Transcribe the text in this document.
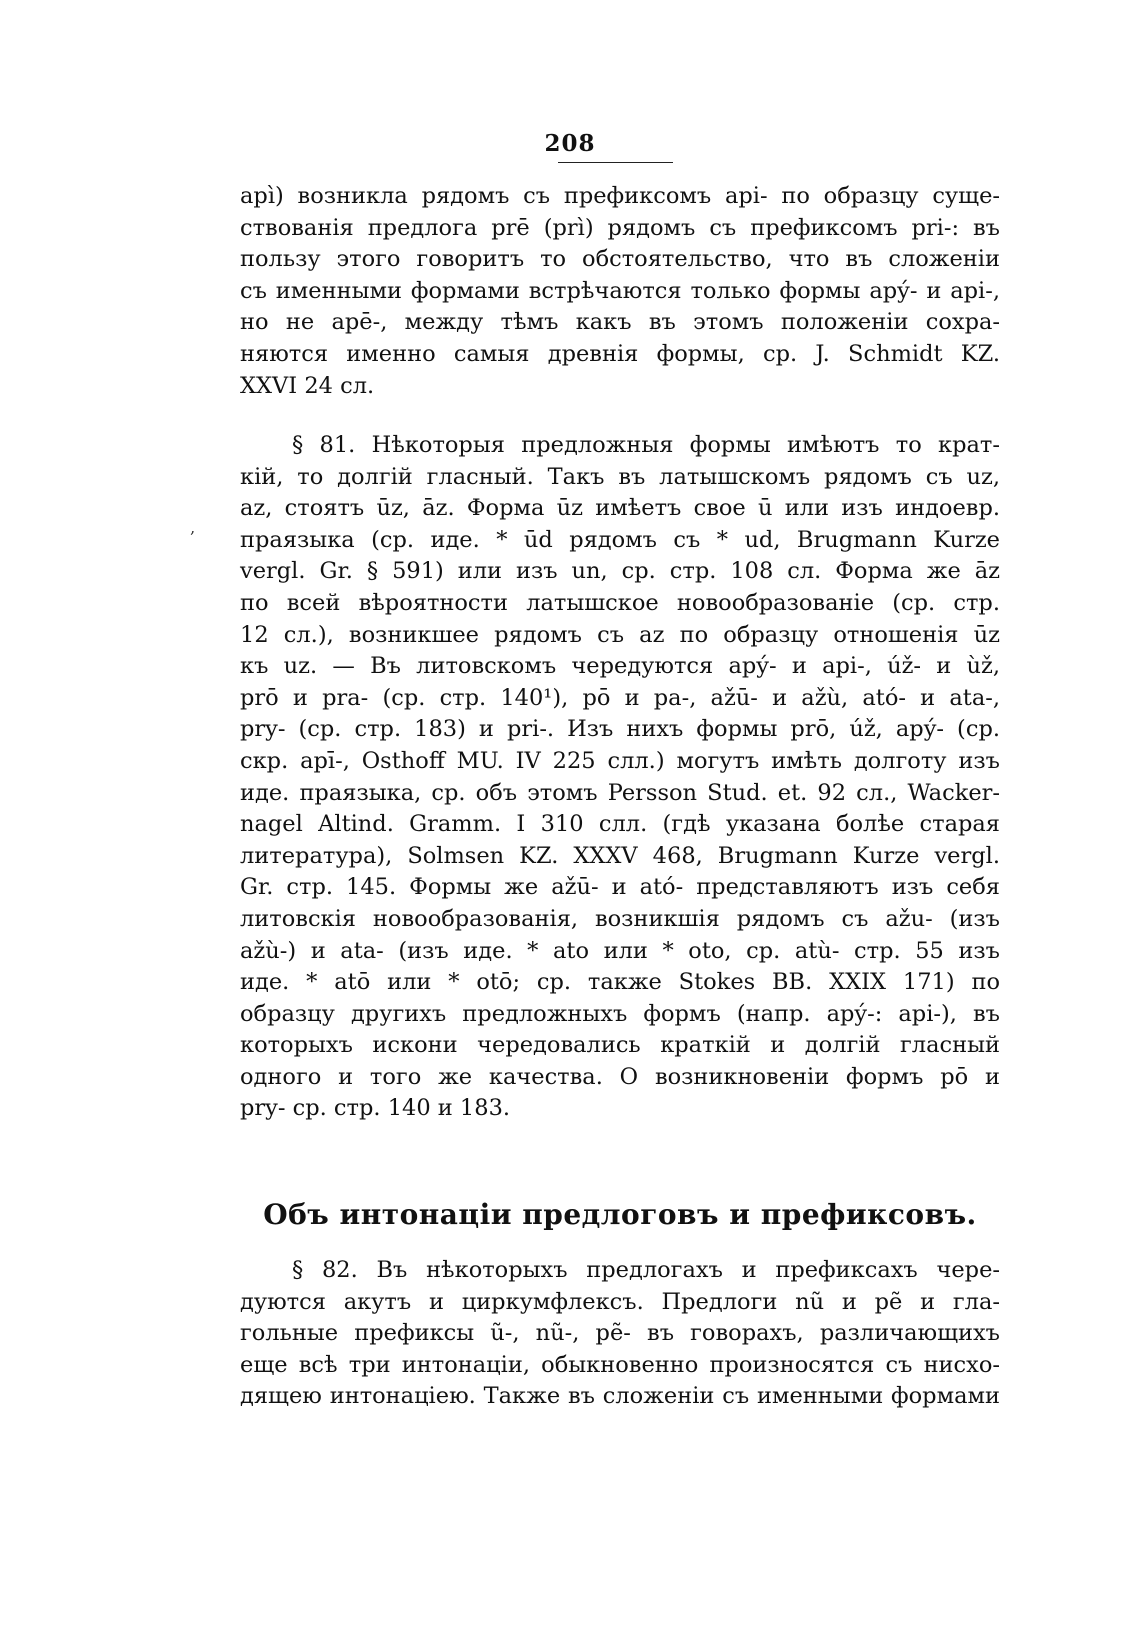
208
‚
apì) возникла рядомъ съ префиксомъ api- по образцу суще-
ствованія предлога prē (prì) рядомъ съ префиксомъ pri-: въ
пользу этого говоритъ то обстоятельство, что въ сложеніи
съ именными формами встрѣчаются только формы apý- и api-,
но не apē-, между тѣмъ какъ въ этомъ положеніи сохра-
няются именно самыя древнія формы, ср. J. Schmidt KZ.
XXVI 24 сл.
§ 81. Нѣкоторыя предложныя формы имѣютъ то крат-
кій, то долгій гласный. Такъ въ латышскомъ рядомъ съ uz,
az, стоятъ ūz, āz. Форма ūz имѣетъ свое ū или изъ индоевр.
праязыка (ср. иде. * ūd рядомъ съ * ud, Brugmann Kurze
vergl. Gr. § 591) или изъ un, ср. стр. 108 сл. Форма же āz
по всей вѣроятности латышское новообразованіе (ср. стр.
12 сл.), возникшее рядомъ съ az по образцу отношенія ūz
къ uz. — Въ литовскомъ чередуются apý- и api-, úž- и ùž,
prō и pra- (ср. стр. 140¹), pō и pa-, ažū- и ažù, ató- и ata-,
pry- (ср. стр. 183) и pri-. Изъ нихъ формы prō, úž, apý- (ср.
скр. apī-, Osthoff MU. IV 225 слл.) могутъ имѣть долготу изъ
иде. праязыка, ср. объ этомъ Persson Stud. et. 92 сл., Wacker-
nagel Altind. Gramm. I 310 слл. (гдѣ указана болѣе старая
литература), Solmsen KZ. XXXV 468, Brugmann Kurze vergl.
Gr. стр. 145. Формы же ažū- и ató- представляютъ изъ себя
литовскія новообразованія, возникшія рядомъ съ ažu- (изъ
ažù-) и ata- (изъ иде. * ato или * oto, ср. atù- стр. 55 изъ
иде. * atō или * otō; ср. также Stokes BB. XXIX 171) по
образцу другихъ предложныхъ формъ (напр. apý-: api-), въ
которыхъ искони чередовались краткій и долгій гласный
одного и того же качества. О возникновеніи формъ pō и
pry- ср. стр. 140 и 183.
Объ интонаціи предлоговъ и префиксовъ.
§ 82. Въ нѣкоторыхъ предлогахъ и префиксахъ чере-
дуются акутъ и циркумфлексъ. Предлоги nũ и pẽ и гла-
гольные префиксы ũ-, nũ-, pẽ- въ говорахъ, различающихъ
еще всѣ три интонаціи, обыкновенно произносятся съ нисхо-
дящею интонаціею. Также въ сложеніи съ именными формами
